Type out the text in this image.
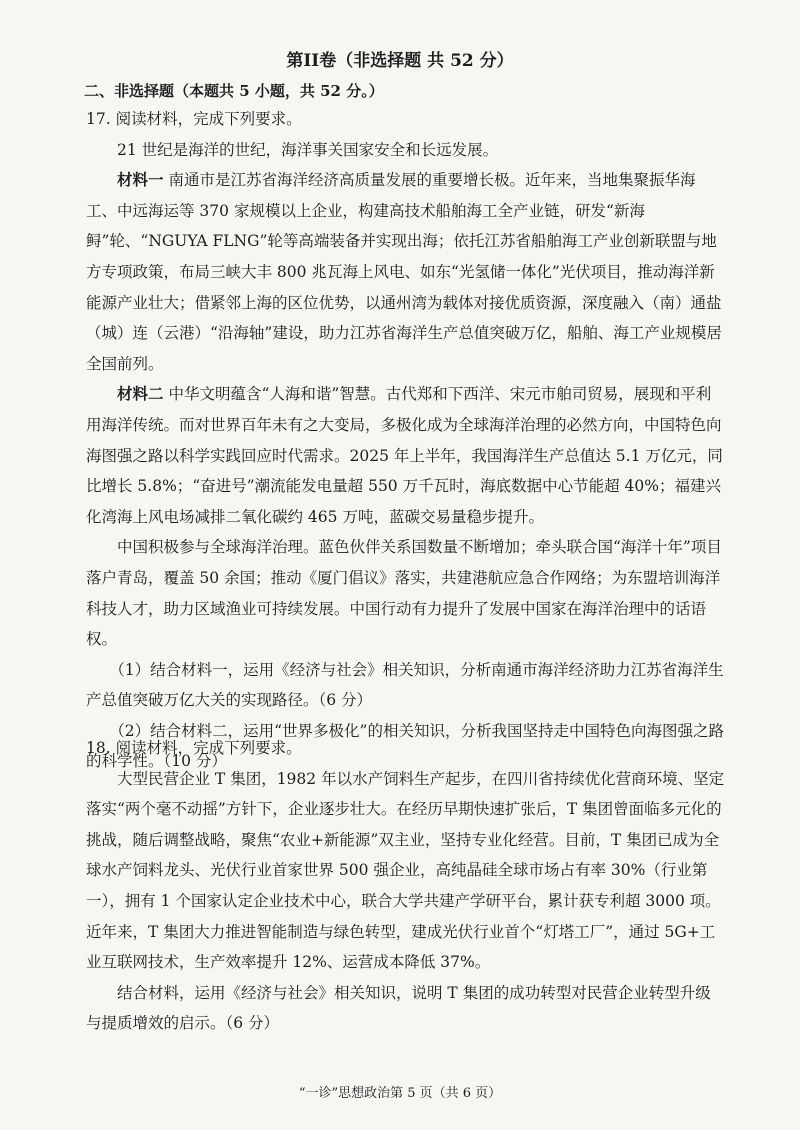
第II卷（非选择题 共 52 分）
二、非选择题（本题共 5 小题，共 52 分。）

17. 阅读材料，完成下列要求。

21 世纪是海洋的世纪，海洋事关国家安全和长远发展。

材料一 南通市是江苏省海洋经济高质量发展的重要增长极。近年来，当地集聚振华海工、中远海运等 370 家规模以上企业，构建高技术船舶海工全产业链，研发“新海鲟”轮、“NGUYA FLNG”轮等高端装备并实现出海；依托江苏省船舶海工产业创新联盟与地方专项政策，布局三峡大丰 800 兆瓦海上风电、如东“光氢储一体化”光伏项目，推动海洋新能源产业壮大；借紧邻上海的区位优势，以通州湾为载体对接优质资源，深度融入（南）通盐（城）连（云港）“沿海轴”建设，助力江苏省海洋生产总值突破万亿，船舶、海工产业规模居全国前列。

材料二 中华文明蕴含“人海和谐”智慧。古代郑和下西洋、宋元市舶司贸易，展现和平利用海洋传统。而对世界百年未有之大变局，多极化成为全球海洋治理的必然方向，中国特色向海图强之路以科学实践回应时代需求。2025 年上半年，我国海洋生产总值达 5.1 万亿元，同比增长 5.8%；“奋进号”潮流能发电量超 550 万千瓦时，海底数据中心节能超 40%；福建兴化湾海上风电场减排二氧化碳约 465 万吨，蓝碳交易量稳步提升。

中国积极参与全球海洋治理。蓝色伙伴关系国数量不断增加；牵头联合国“海洋十年”项目落户青岛，覆盖 50 余国；推动《厦门倡议》落实，共建港航应急合作网络；为东盟培训海洋科技人才，助力区域渔业可持续发展。中国行动有力提升了发展中国家在海洋治理中的话语权。

（1）结合材料一，运用《经济与社会》相关知识，分析南通市海洋经济助力江苏省海洋生产总值突破万亿大关的实现路径。（6 分）

（2）结合材料二，运用“世界多极化”的相关知识，分析我国坚持走中国特色向海图强之路的科学性。（10 分）

18. 阅读材料，完成下列要求。

大型民营企业 T 集团，1982 年以水产饲料生产起步，在四川省持续优化营商环境、坚定落实“两个毫不动摇”方针下，企业逐步壮大。在经历早期快速扩张后，T 集团曾面临多元化的挑战，随后调整战略，聚焦“农业+新能源”双主业，坚持专业化经营。目前，T 集团已成为全球水产饲料龙头、光伏行业首家世界 500 强企业，高纯晶硅全球市场占有率 30%（行业第一），拥有 1 个国家认定企业技术中心，联合大学共建产学研平台，累计获专利超 3000 项。近年来，T 集团大力推进智能制造与绿色转型，建成光伏行业首个“灯塔工厂”，通过 5G+工业互联网技术，生产效率提升 12%、运营成本降低 37%。

结合材料，运用《经济与社会》相关知识，说明 T 集团的成功转型对民营企业转型升级与提质增效的启示。（6 分）

“一诊”思想政治第 5 页（共 6 页）
